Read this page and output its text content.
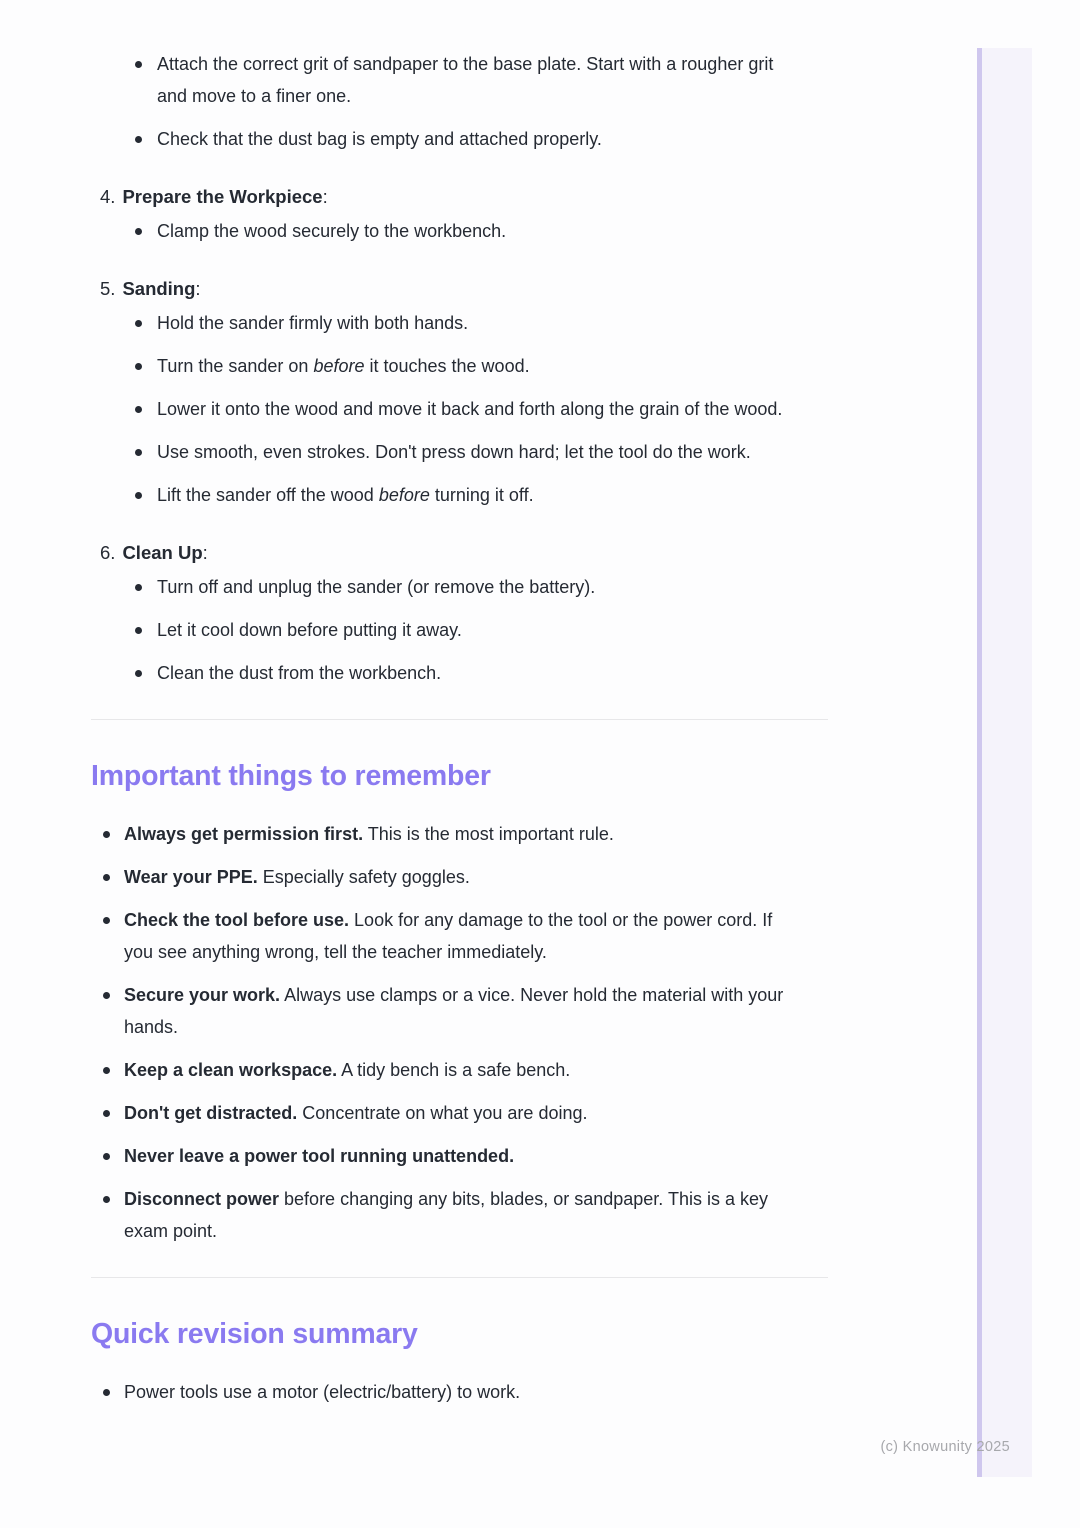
Attach the correct grit of sandpaper to the base plate. Start with a rougher grit and move to a finer one.
Check that the dust bag is empty and attached properly.
4. Prepare the Workpiece:
Clamp the wood securely to the workbench.
5. Sanding:
Hold the sander firmly with both hands.
Turn the sander on before it touches the wood.
Lower it onto the wood and move it back and forth along the grain of the wood.
Use smooth, even strokes. Don't press down hard; let the tool do the work.
Lift the sander off the wood before turning it off.
6. Clean Up:
Turn off and unplug the sander (or remove the battery).
Let it cool down before putting it away.
Clean the dust from the workbench.
Important things to remember
Always get permission first. This is the most important rule.
Wear your PPE. Especially safety goggles.
Check the tool before use. Look for any damage to the tool or the power cord. If you see anything wrong, tell the teacher immediately.
Secure your work. Always use clamps or a vice. Never hold the material with your hands.
Keep a clean workspace. A tidy bench is a safe bench.
Don't get distracted. Concentrate on what you are doing.
Never leave a power tool running unattended.
Disconnect power before changing any bits, blades, or sandpaper. This is a key exam point.
Quick revision summary
Power tools use a motor (electric/battery) to work.
(c) Knowunity 2025
